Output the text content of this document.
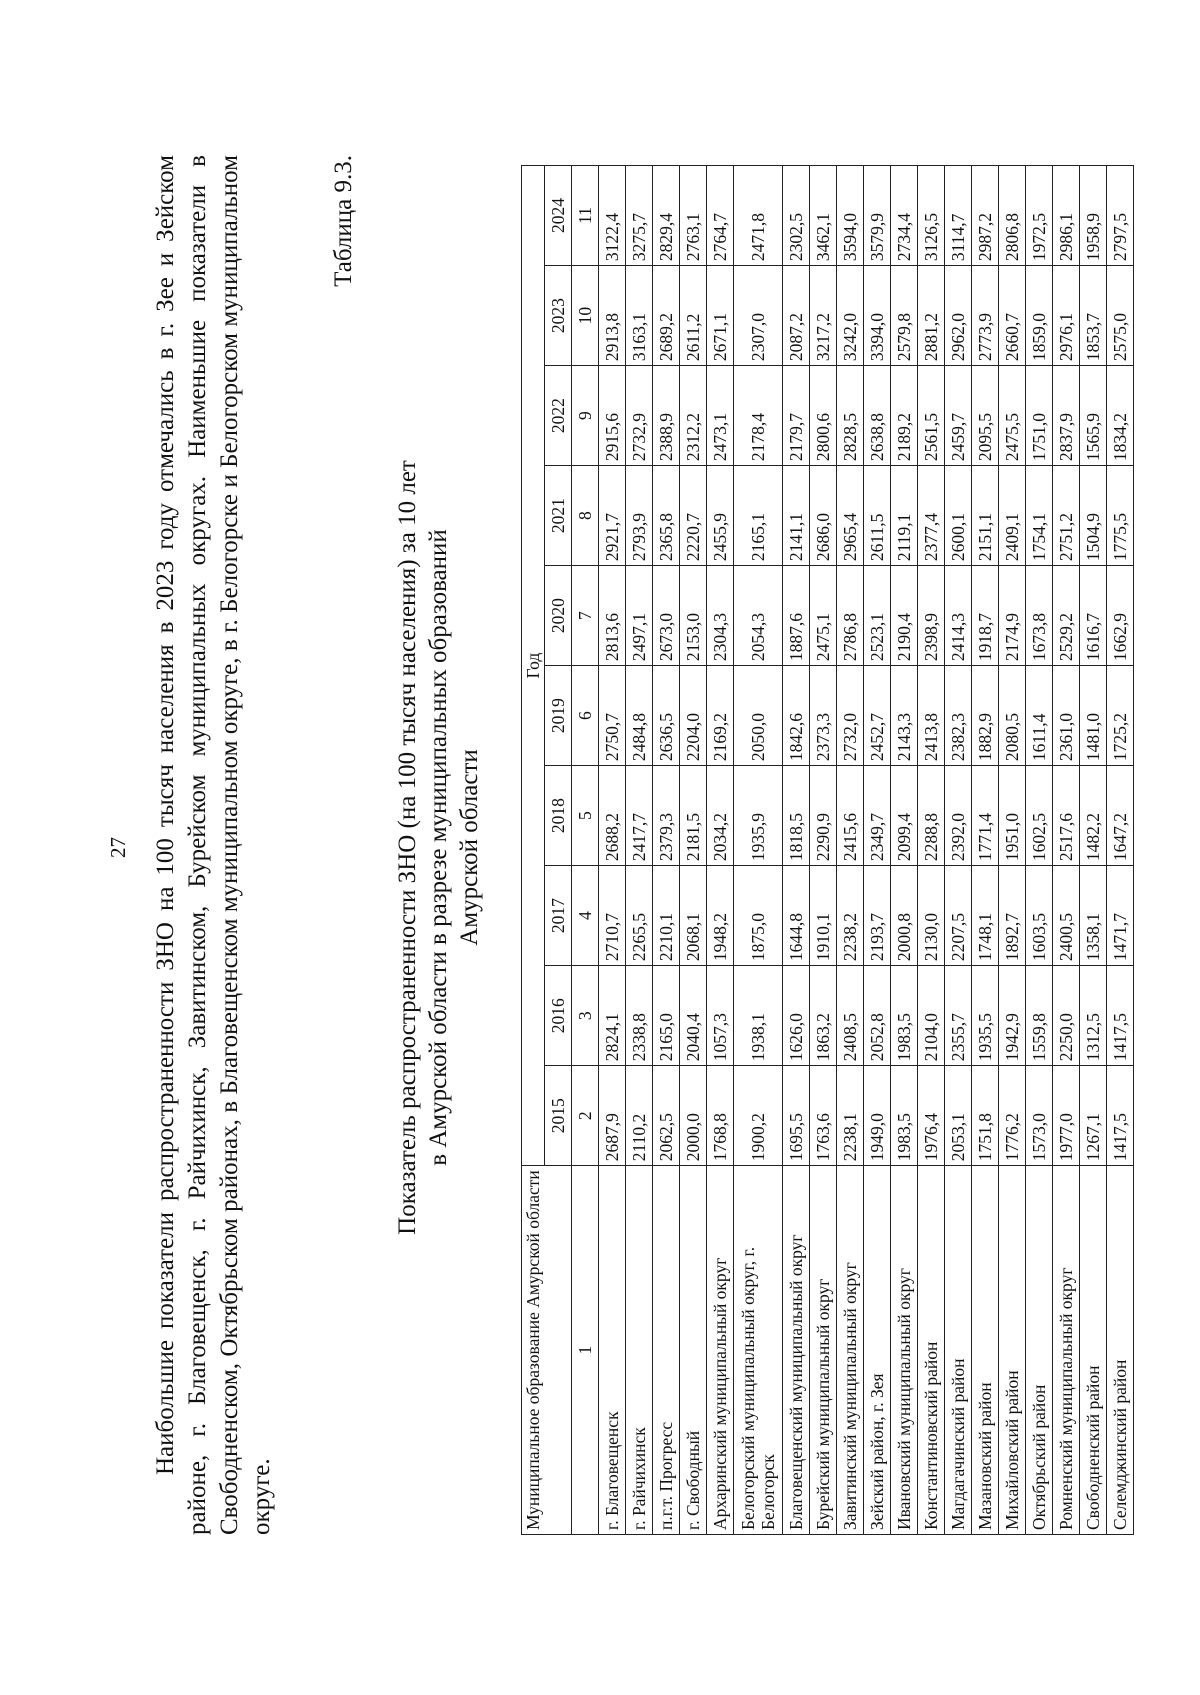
27 Наибольшие показатели распространенности ЗНО на 100 тысяч населения в 2023 году отмечались в г. Зее и Зейском районе, г. Благовещенск, г. Райчихинск, Завитинском, Бурейском муниципальных округах. Наименьшие показатели в Свободненском, Октябрьском районах, в Благовещенском муниципальном округе, в г. Белогорске и Белогорском муниципальном округе.
Таблица 9.3.
Показатель распространенности ЗНО (на 100 тысяч населения) за 10 лет в Амурской области в разрезе муниципальных образований Амурской области
Муниципальное образование Амурской области	Год									
	2015	2016	2017	2018	2019	2020	2021	2022	2023	2024
1	2	3	4	5	6	7	8	9	10	11
г. Благовещенск	2687,9	2824,1	2710,7	2688,2	2750,7	2813,6	2921,7	2915,6	2913,8	3122,4
г. Райчихинск	2110,2	2338,8	2265,5	2417,7	2484,8	2497,1	2793,9	2732,9	3163,1	3275,7
п.г.т. Прогресс	2062,5	2165,0	2210,1	2379,3	2636,5	2673,0	2365,8	2388,9	2689,2	2829,4
г. Свободный	2000,0	2040,4	2068,1	2181,5	2204,0	2153,0	2220,7	2312,2	2611,2	2763,1
Архаринский муниципальный округ	1768,8	1057,3	1948,2	2034,2	2169,2	2304,3	2455,9	2473,1	2671,1	2764,7
Белогорский муниципальный округ, г. Белогорск	1900,2	1938,1	1875,0	1935,9	2050,0	2054,3	2165,1	2178,4	2307,0	2471,8
Благовещенский муниципальный округ	1695,5	1626,0	1644,8	1818,5	1842,6	1887,6	2141,1	2179,7	2087,2	2302,5
Бурейский муниципальный округ	1763,6	1863,2	1910,1	2290,9	2373,3	2475,1	2686,0	2800,6	3217,2	3462,1
Завитинский муниципальный округ	2238,1	2408,5	2238,2	2415,6	2732,0	2786,8	2965,4	2828,5	3242,0	3594,0
Зейский район, г. Зея	1949,0	2052,8	2193,7	2349,7	2452,7	2523,1	2611,5	2638,8	3394,0	3579,9
Ивановский муниципальный округ	1983,5	1983,5	2000,8	2099,4	2143,3	2190,4	2119,1	2189,2	2579,8	2734,4
Константиновский район	1976,4	2104,0	2130,0	2288,8	2413,8	2398,9	2377,4	2561,5	2881,2	3126,5
Магдагачинский район	2053,1	2355,7	2207,5	2392,0	2382,3	2414,3	2600,1	2459,7	2962,0	3114,7
Мазановский район	1751,8	1935,5	1748,1	1771,4	1882,9	1918,7	2151,1	2095,5	2773,9	2987,2
Михайловский район	1776,2	1942,9	1892,7	1951,0	2080,5	2174,9	2409,1	2475,5	2660,7	2806,8
Октябрьский район	1573,0	1559,8	1603,5	1602,5	1611,4	1673,8	1754,1	1751,0	1859,0	1972,5
Ромненский муниципальный округ	1977,0	2250,0	2400,5	2517,6	2361,0	2529,2	2751,2	2837,9	2976,1	2986,1
Свободненский район	1267,1	1312,5	1358,1	1482,2	1481,0	1616,7	1504,9	1565,9	1853,7	1958,9
Селемджинский район	1417,5	1417,5	1471,7	1647,2	1725,2	1662,9	1775,5	1834,2	2575,0	2797,5
